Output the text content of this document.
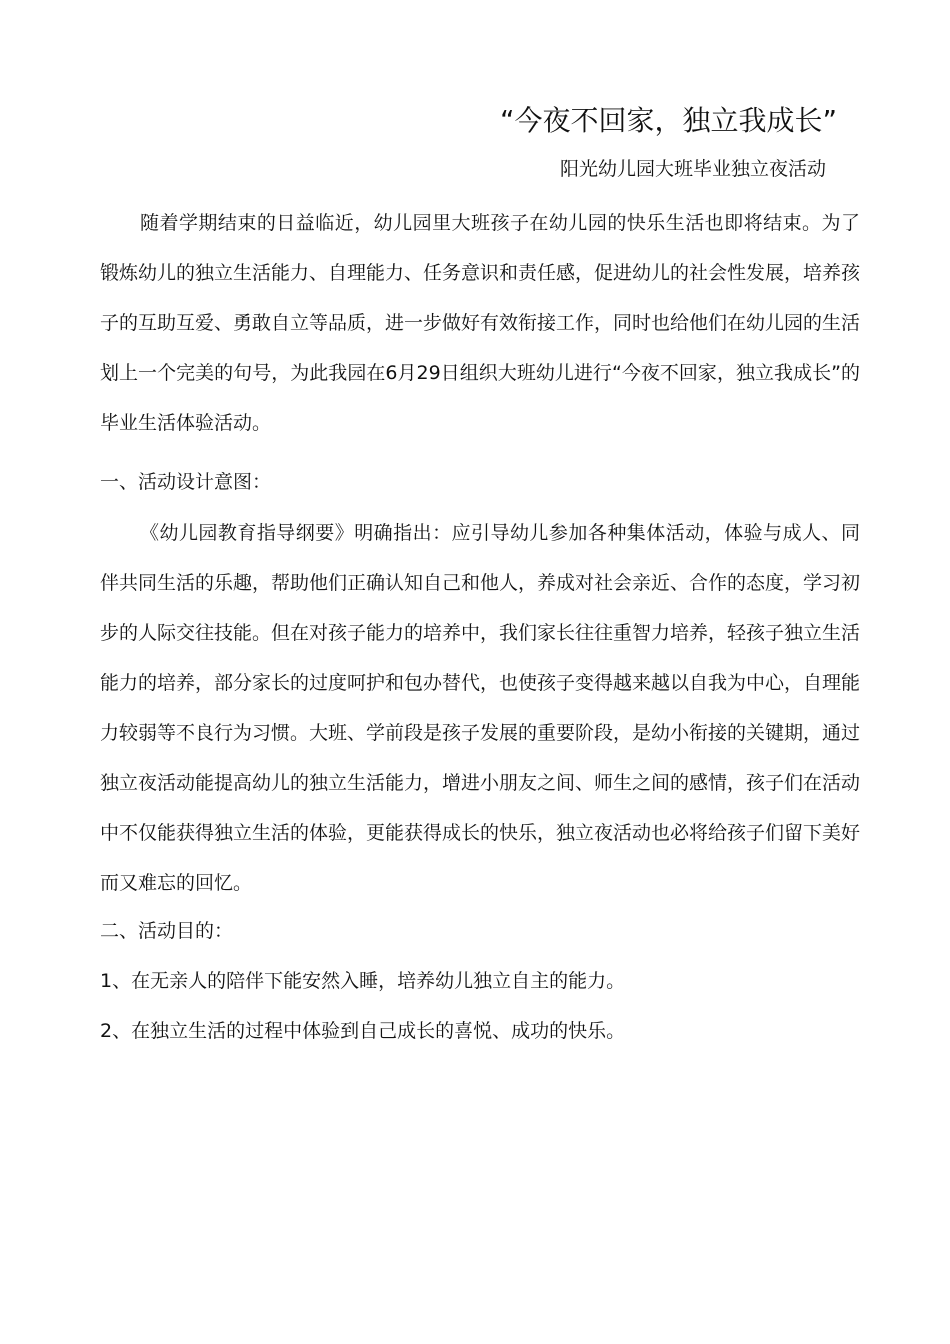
“今夜不回家，独立我成长”
阳光幼儿园大班毕业独立夜活动

随着学期结束的日益临近，幼儿园里大班孩子在幼儿园的快乐生活也即将结束。为了锻炼幼儿的独立生活能力、自理能力、任务意识和责任感，促进幼儿的社会性发展，培养孩子的互助互爱、勇敢自立等品质，进一步做好有效衔接工作，同时也给他们在幼儿园的生活划上一个完美的句号，为此我园在6月29日组织大班幼儿进行“今夜不回家，独立我成长”的毕业生活体验活动。

一、活动设计意图：

《幼儿园教育指导纲要》明确指出：应引导幼儿参加各种集体活动，体验与成人、同伴共同生活的乐趣，帮助他们正确认知自己和他人，养成对社会亲近、合作的态度，学习初步的人际交往技能。但在对孩子能力的培养中，我们家长往往重智力培养，轻孩子独立生活能力的培养，部分家长的过度呵护和包办替代，也使孩子变得越来越以自我为中心，自理能力较弱等不良行为习惯。大班、学前段是孩子发展的重要阶段，是幼小衔接的关键期，通过独立夜活动能提高幼儿的独立生活能力，增进小朋友之间、师生之间的感情，孩子们在活动中不仅能获得独立生活的体验，更能获得成长的快乐，独立夜活动也必将给孩子们留下美好而又难忘的回忆。

二、活动目的：
1、在无亲人的陪伴下能安然入睡，培养幼儿独立自主的能力。
2、在独立生活的过程中体验到自己成长的喜悦、成功的快乐。
